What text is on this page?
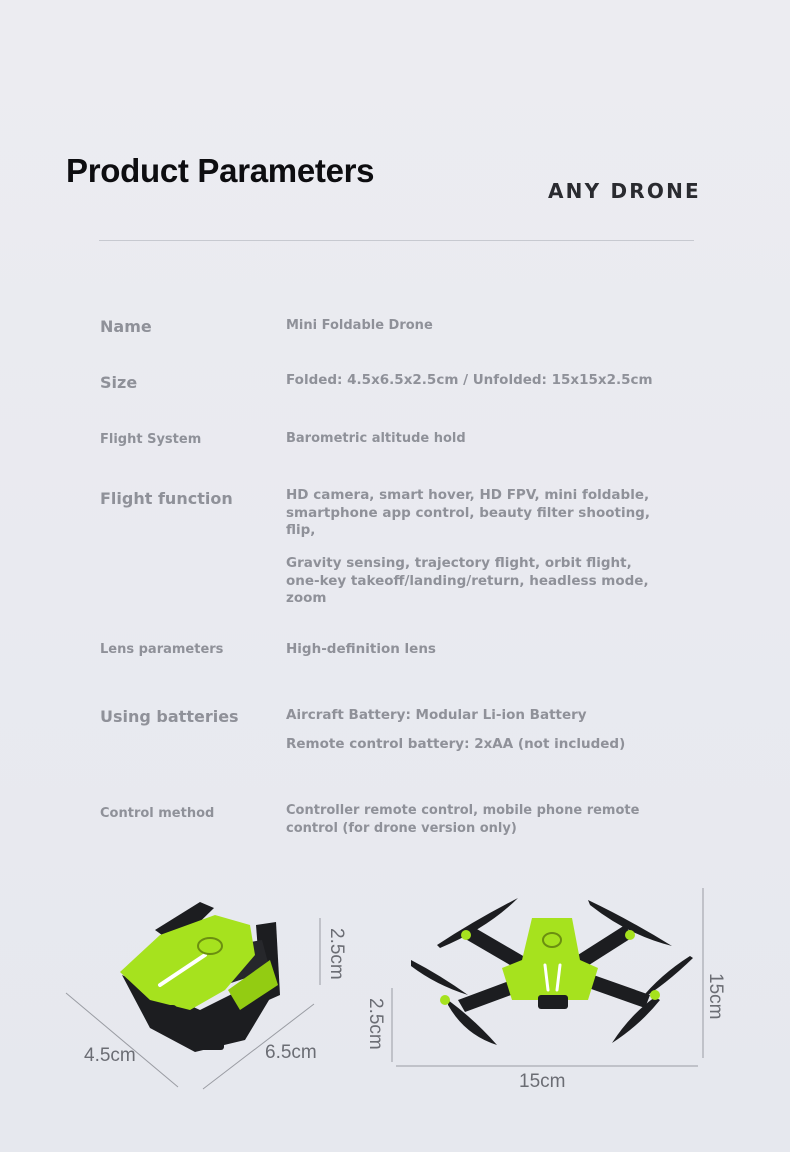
Product Parameters
ANY DRONE
Name	Mini Foldable Drone
Size	Folded: 4.5x6.5x2.5cm / Unfolded: 15x15x2.5cm
Flight System	Barometric altitude hold
Flight function	HD camera, smart hover, HD FPV, mini foldable, smartphone app control, beauty filter shooting, flip,
Gravity sensing, trajectory flight, orbit flight, one-key takeoff/landing/return, headless mode, zoom
Lens parameters	High-definition lens
Using batteries	Aircraft Battery: Modular Li-ion Battery
Remote control battery: 2xAA (not included)
Control method	Controller remote control, mobile phone remote control (for drone version only)
2.5cm
4.5cm	6.5cm
2.5cm
15cm
15cm
